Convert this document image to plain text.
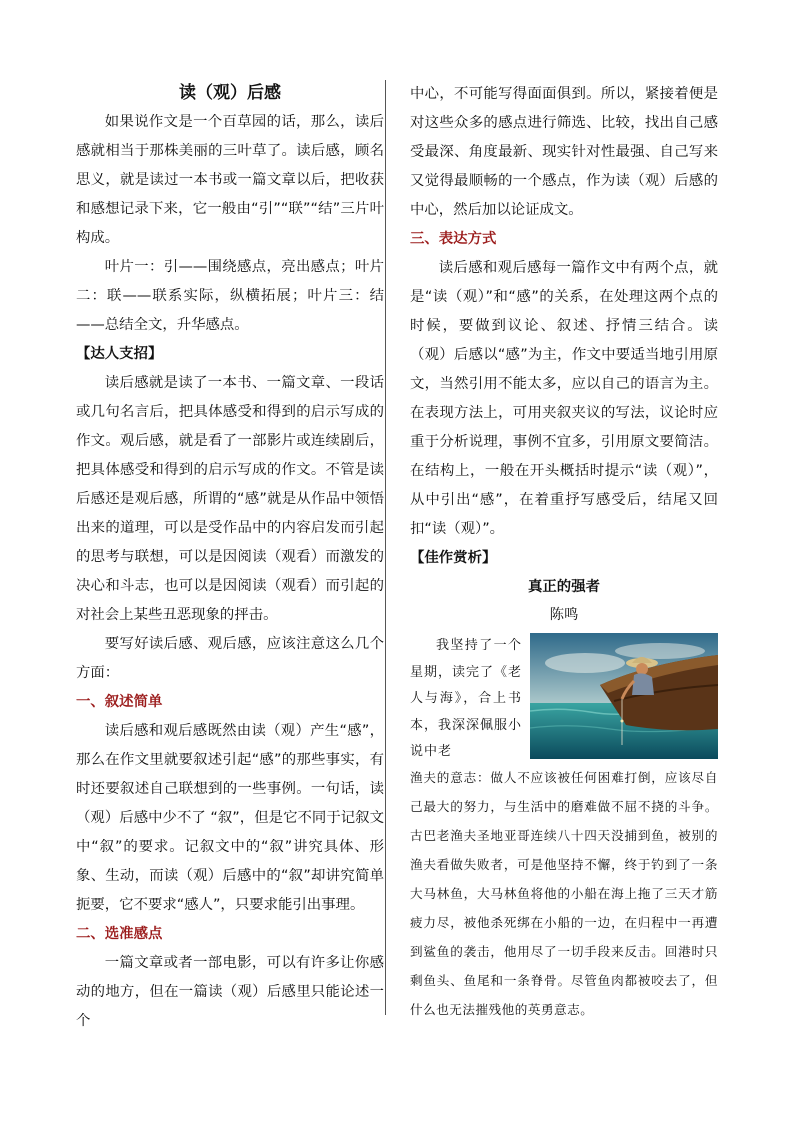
读（观）后感

如果说作文是一个百草园的话，那么，读后感就相当于那株美丽的三叶草了。读后感，顾名思义，就是读过一本书或一篇文章以后，把收获和感想记录下来，它一般由“引”“联”“结”三片叶构成。

叶片一：引——围绕感点，亮出感点；叶片二：联——联系实际，纵横拓展；叶片三：结——总结全文，升华感点。

【达人支招】

读后感就是读了一本书、一篇文章、一段话或几句名言后，把具体感受和得到的启示写成的作文。观后感，就是看了一部影片或连续剧后，把具体感受和得到的启示写成的作文。不管是读后感还是观后感，所谓的“感”就是从作品中领悟出来的道理，可以是受作品中的内容启发而引起的思考与联想，可以是因阅读（观看）而激发的决心和斗志，也可以是因阅读（观看）而引起的对社会上某些丑恶现象的抨击。

要写好读后感、观后感，应该注意这么几个方面：

一、叙述简单

读后感和观后感既然由读（观）产生“感”，那么在作文里就要叙述引起“感”的那些事实，有时还要叙述自己联想到的一些事例。一句话，读（观）后感中少不了 “叙”，但是它不同于记叙文中“叙”的要求。记叙文中的“叙”讲究具体、形象、生动，而读（观）后感中的“叙”却讲究简单扼要，它不要求“感人”，只要求能引出事理。

二、选准感点

一篇文章或者一部电影，可以有许多让你感动的地方，但在一篇读（观）后感里只能论述一个

中心，不可能写得面面俱到。所以，紧接着便是对这些众多的感点进行筛选、比较，找出自己感受最深、角度最新、现实针对性最强、自己写来又觉得最顺畅的一个感点，作为读（观）后感的中心，然后加以论证成文。

三、表达方式

读后感和观后感每一篇作文中有两个点，就是“读（观）”和“感”的关系，在处理这两个点的时候，要做到议论、叙述、抒情三结合。读（观）后感以“感”为主，作文中要适当地引用原文，当然引用不能太多，应以自己的语言为主。在表现方法上，可用夹叙夹议的写法，议论时应重于分析说理，事例不宜多，引用原文要简洁。在结构上，一般在开头概括时提示“读（观）”，从中引出“感”，在着重抒写感受后，结尾又回扣“读（观）”。

【佳作赏析】
真正的强者
陈鸣

我坚持了一个星期，读完了《老人与海》，合上书本，我深深佩服小说中老

渔夫的意志：做人不应该被任何困难打倒，应该尽自己最大的努力，与生活中的磨难做不屈不挠的斗争。古巴老渔夫圣地亚哥连续八十四天没捕到鱼，被别的渔夫看做失败者，可是他坚持不懈，终于钓到了一条大马林鱼，大马林鱼将他的小船在海上拖了三天才筋疲力尽，被他杀死绑在小船的一边，在归程中一再遭到鲨鱼的袭击，他用尽了一切手段来反击。回港时只剩鱼头、鱼尾和一条脊骨。尽管鱼肉都被咬去了，但什么也无法摧残他的英勇意志。
